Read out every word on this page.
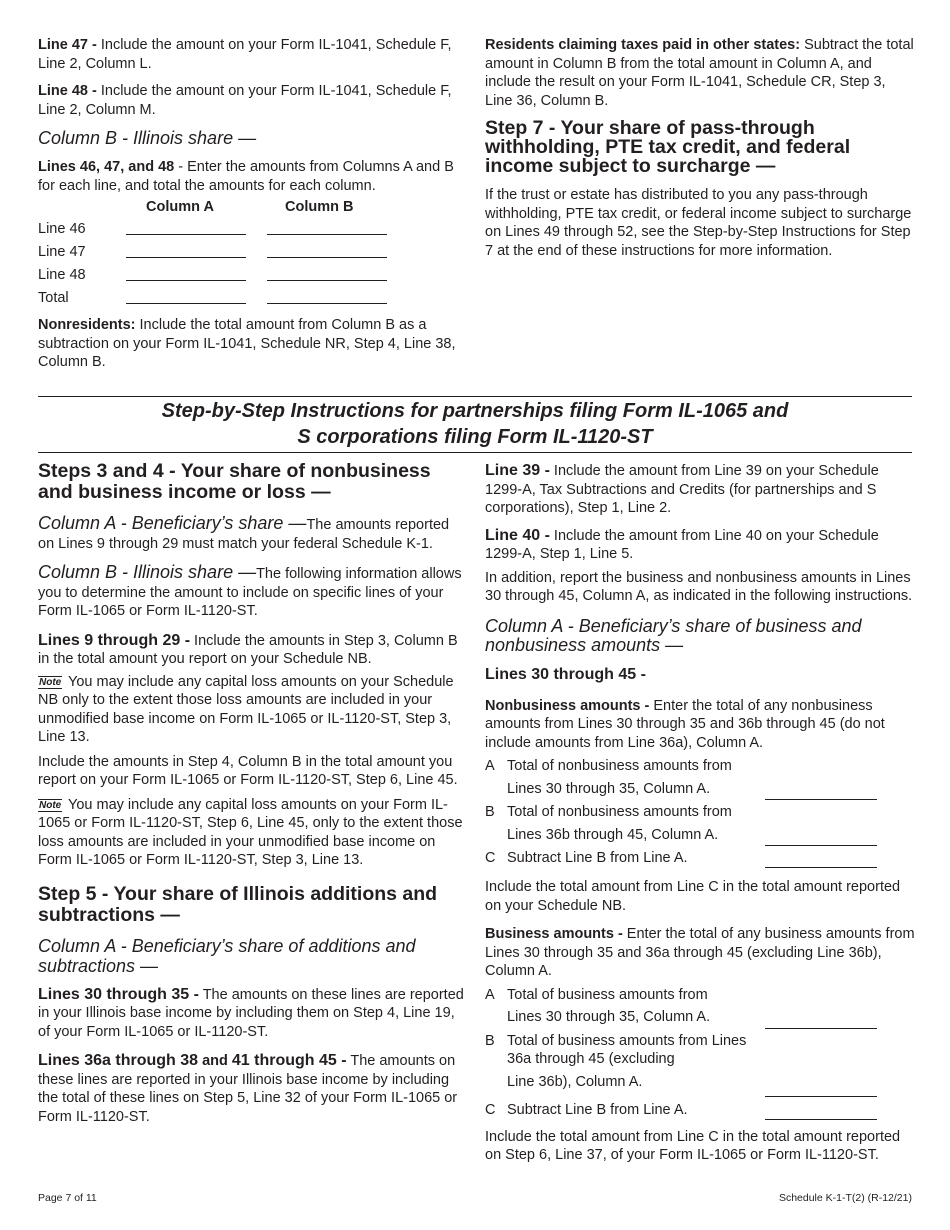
Line 47 - Include the amount on your Form IL-1041, Schedule F, Line 2, Column L.

Line 48 - Include the amount on your Form IL-1041, Schedule F, Line 2, Column M.

Column B - Illinois share —

Lines 46, 47, and 48 - Enter the amounts from Columns A and B for each line, and total the amounts for each column.

Column A	Column B
Line 46
Line 47
Line 48
Total

Nonresidents: Include the total amount from Column B as a subtraction on your Form IL-1041, Schedule NR, Step 4, Line 38, Column B.

Residents claiming taxes paid in other states: Subtract the total amount in Column B from the total amount in Column A, and include the result on your Form IL-1041, Schedule CR, Step 3, Line 36, Column B.

Step 7 - Your share of pass-through withholding, PTE tax credit, and federal income subject to surcharge —

If the trust or estate has distributed to you any pass-through withholding, PTE tax credit, or federal income subject to surcharge on Lines 49 through 52, see the Step-by-Step Instructions for Step 7 at the end of these instructions for more information.

Step-by-Step Instructions for partnerships filing Form IL-1065 and
S corporations filing Form IL-1120-ST

Steps 3 and 4 - Your share of nonbusiness and business income or loss —

Column A - Beneficiary’s share —The amounts reported on Lines 9 through 29 must match your federal Schedule K-1.

Column B - Illinois share —The following information allows you to determine the amount to include on specific lines of your Form IL-1065 or Form IL-1120-ST.

Lines 9 through 29 - Include the amounts in Step 3, Column B in the total amount you report on your Schedule NB.

Note You may include any capital loss amounts on your Schedule NB only to the extent those loss amounts are included in your unmodified base income on Form IL-1065 or IL-1120-ST, Step 3, Line 13.

Include the amounts in Step 4, Column B in the total amount you report on your Form IL-1065 or Form IL-1120-ST, Step 6, Line 45.

Note You may include any capital loss amounts on your Form IL-1065 or Form IL-1120-ST, Step 6, Line 45, only to the extent those loss amounts are included in your unmodified base income on Form IL-1065 or Form IL-1120-ST, Step 3, Line 13.

Step 5 - Your share of Illinois additions and subtractions —

Column A - Beneficiary’s share of additions and subtractions —

Lines 30 through 35 - The amounts on these lines are reported in your Illinois base income by including them on Step 4, Line 19, of your Form IL-1065 or IL-1120-ST.

Lines 36a through 38 and 41 through 45 - The amounts on these lines are reported in your Illinois base income by including the total of these lines on Step 5, Line 32 of your Form IL-1065 or Form IL-1120-ST.

Line 39 - Include the amount from Line 39 on your Schedule 1299-A, Tax Subtractions and Credits (for partnerships and S corporations), Step 1, Line 2.

Line 40 - Include the amount from Line 40 on your Schedule 1299-A, Step 1, Line 5.

In addition, report the business and nonbusiness amounts in Lines 30 through 45, Column A, as indicated in the following instructions.

Column A - Beneficiary’s share of business and nonbusiness amounts —

Lines 30 through 45 -

Nonbusiness amounts - Enter the total of any nonbusiness amounts from Lines 30 through 35 and 36b through 45 (do not include amounts from Line 36a), Column A.

A Total of nonbusiness amounts from
Lines 30 through 35, Column A.
B Total of nonbusiness amounts from
Lines 36b through 45, Column A.
C Subtract Line B from Line A.

Include the total amount from Line C in the total amount reported on your Schedule NB.

Business amounts - Enter the total of any business amounts from Lines 30 through 35 and 36a through 45 (excluding Line 36b), Column A.

A Total of business amounts from
Lines 30 through 35, Column A.
B Total of business amounts from Lines 36a through 45 (excluding
Line 36b), Column A.
C Subtract Line B from Line A.

Include the total amount from Line C in the total amount reported on Step 6, Line 37, of your Form IL-1065 or Form IL-1120-ST.

Page 7 of 11	Schedule K-1-T(2) (R-12/21)
